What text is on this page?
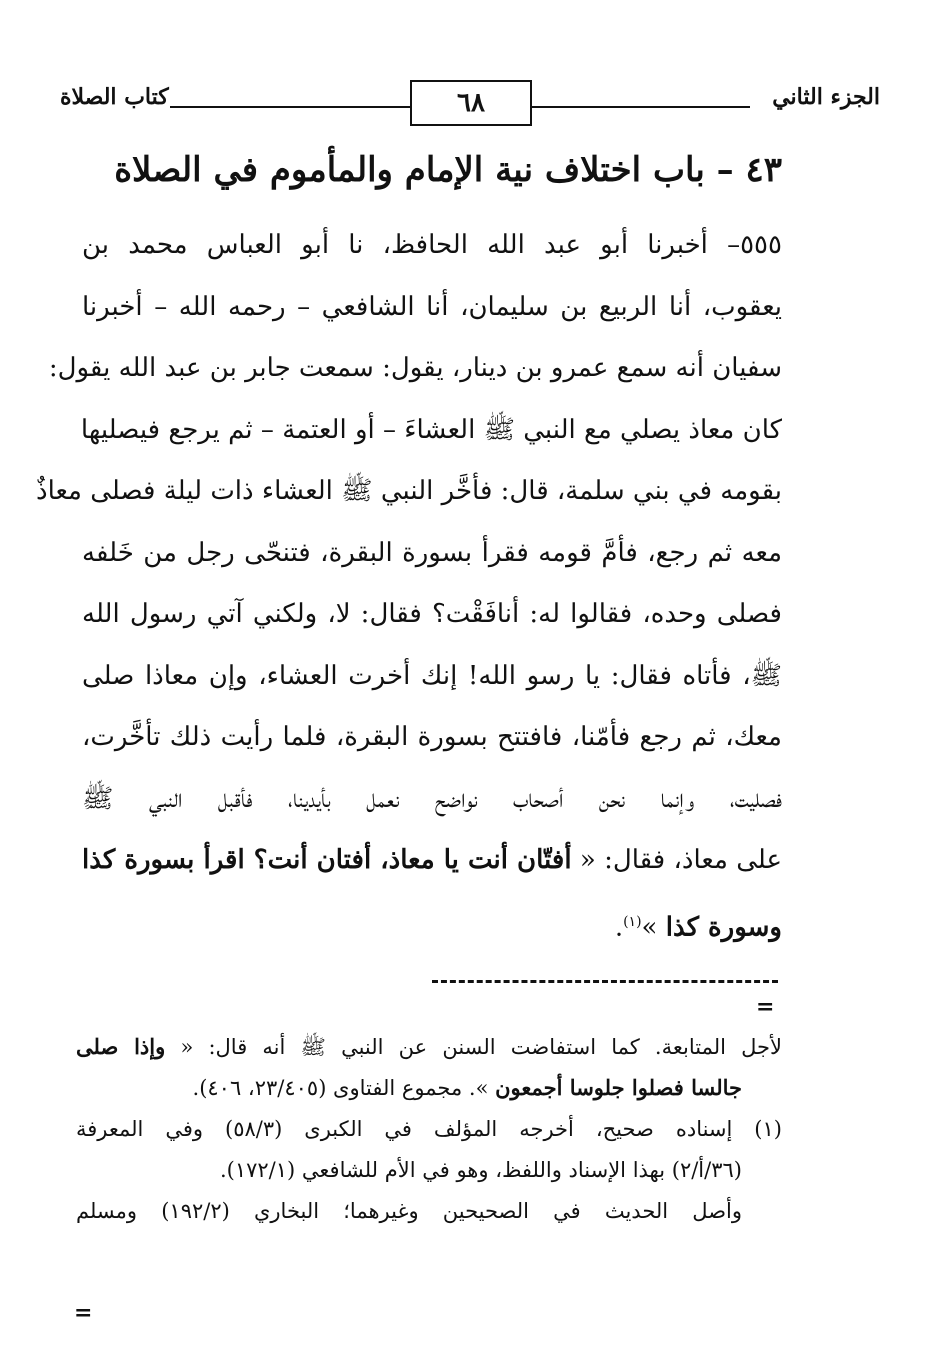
الجزء الثاني
٦٨
كتاب الصلاة
٤٣ – باب اختلاف نية الإمام والمأموم في الصلاة
٥٥٥– أخبرنا أبو عبد الله الحافظ، نا أبو العباس محمد بن
يعقوب، أنا الربيع بن سليمان، أنا الشافعي – رحمه الله – أخبرنا
سفيان أنه سمع عمرو بن دينار، يقول: سمعت جابر بن عبد الله يقول:
كان معاذ يصلي مع النبي ﷺ العشاءَ – أو العتمة – ثم يرجع فيصليها
بقومه في بني سلمة، قال: فأخَّر النبي ﷺ العشاء ذات ليلة فصلى معاذٌ
معه ثم رجع، فأمَّ قومه فقرأ بسورة البقرة، فتنحّى رجل من خَلفه
فصلى وحده، فقالوا له: أنافَقْت؟ فقال: لا، ولكني آتي رسول الله
ﷺ، فأتاه فقال: يا رسو الله! إنك أخرت العشاء، وإن معاذا صلى
معك، ثم رجع فأمّنا، فافتتح بسورة البقرة، فلما رأيت ذلك تأخَّرت،
فصليت، وإنما نحن أصحاب نواضح نعمل بأيدينا، فأقبل النبي ﷺ
على معاذ، فقال: « أفتّان أنت يا معاذ، أفتان أنت؟ اقرأ بسورة كذا
وسورة كذا »$^{(١)}$.
=
لأجل المتابعة. كما استفاضت السنن عن النبي ﷺ أنه قال: « وإذا صلى
جالسا فصلوا جلوسا أجمعون ». مجموع الفتاوى (٢٣/٤٠٥، ٤٠٦).
(١) إسناده صحيح، أخرجه المؤلف في الكبرى (٥٨/٣) وفي المعرفة
(٣٦/أ/٢) بهذا الإسناد واللفظ، وهو في الأم للشافعي (١٧٢/١).
وأصل الحديث في الصحيحين وغيرهما؛ البخاري (١٩٢/٢) ومسلم
=
